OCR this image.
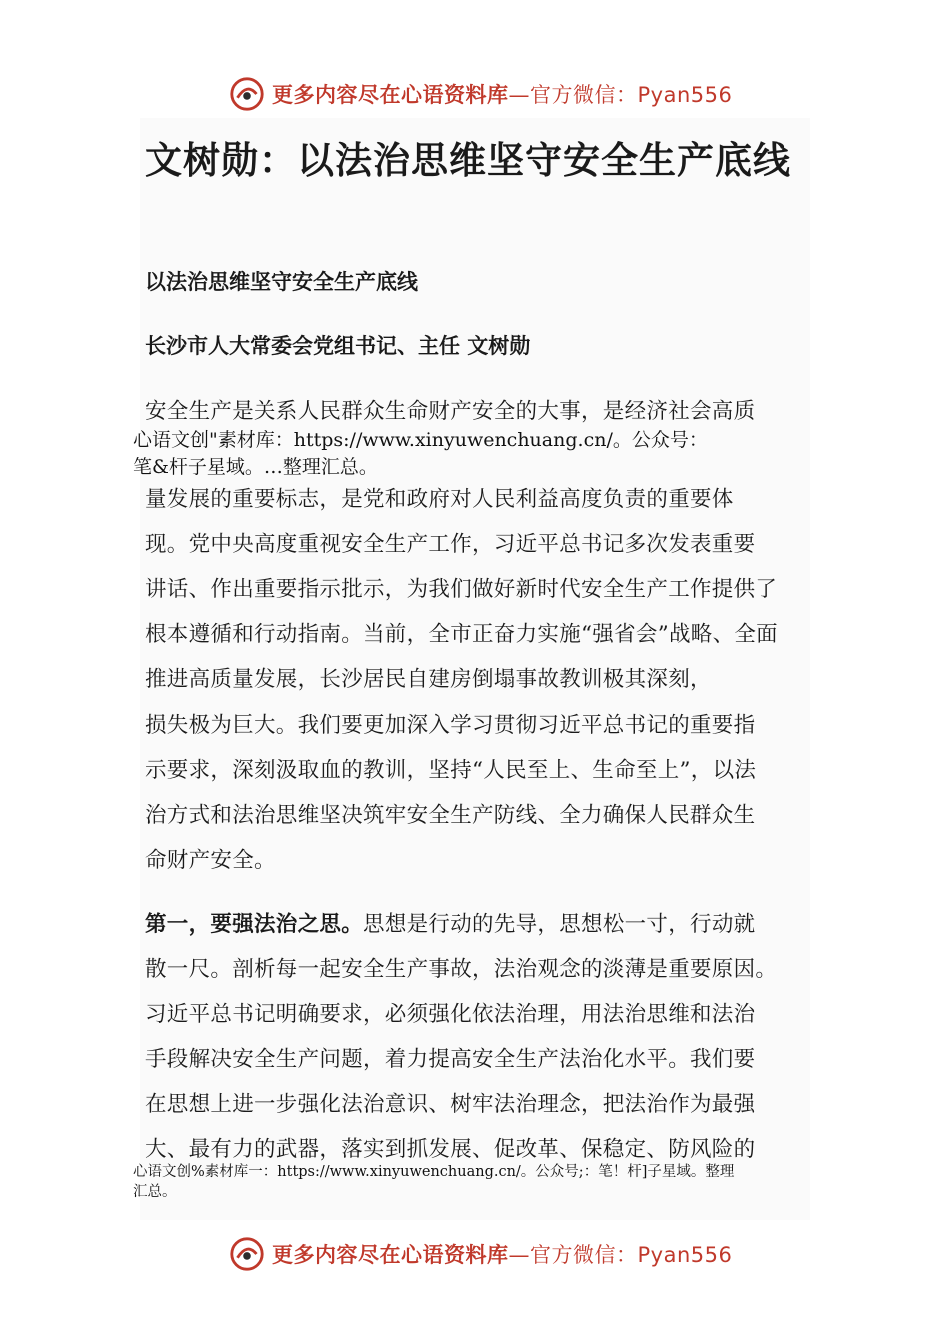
更多内容尽在心语资料库—官方微信：Pyan556
文树勋：以法治思维坚守安全生产底线
以法治思维坚守安全生产底线
长沙市人大常委会党组书记、主任 文树勋
安全生产是关系人民群众生命财产安全的大事，是经济社会高质
心语文创"素材库：https://www.xinyuwenchuang.cn/。公众号：
笔&杆子星域。…整理汇总。
量发展的重要标志，是党和政府对人民利益高度负责的重要体
现。党中央高度重视安全生产工作，习近平总书记多次发表重要
讲话、作出重要指示批示，为我们做好新时代安全生产工作提供了
根本遵循和行动指南。当前，全市正奋力实施“强省会”战略、全面
推进高质量发展，长沙居民自建房倒塌事故教训极其深刻，
损失极为巨大。我们要更加深入学习贯彻习近平总书记的重要指
示要求，深刻汲取血的教训，坚持“人民至上、生命至上”，以法
治方式和法治思维坚决筑牢安全生产防线、全力确保人民群众生
命财产安全。
第一，要强法治之思。思想是行动的先导，思想松一寸，行动就
散一尺。剖析每一起安全生产事故，法治观念的淡薄是重要原因。
习近平总书记明确要求，必须强化依法治理，用法治思维和法治
手段解决安全生产问题，着力提高安全生产法治化水平。我们要
在思想上进一步强化法治意识、树牢法治理念，把法治作为最强
大、最有力的武器，落实到抓发展、促改革、保稳定、防风险的
心语文创%素材库一：https://www.xinyuwenchuang.cn/。公众号;：笔！杆]子星域。整理
汇总。
更多内容尽在心语资料库—官方微信：Pyan556
